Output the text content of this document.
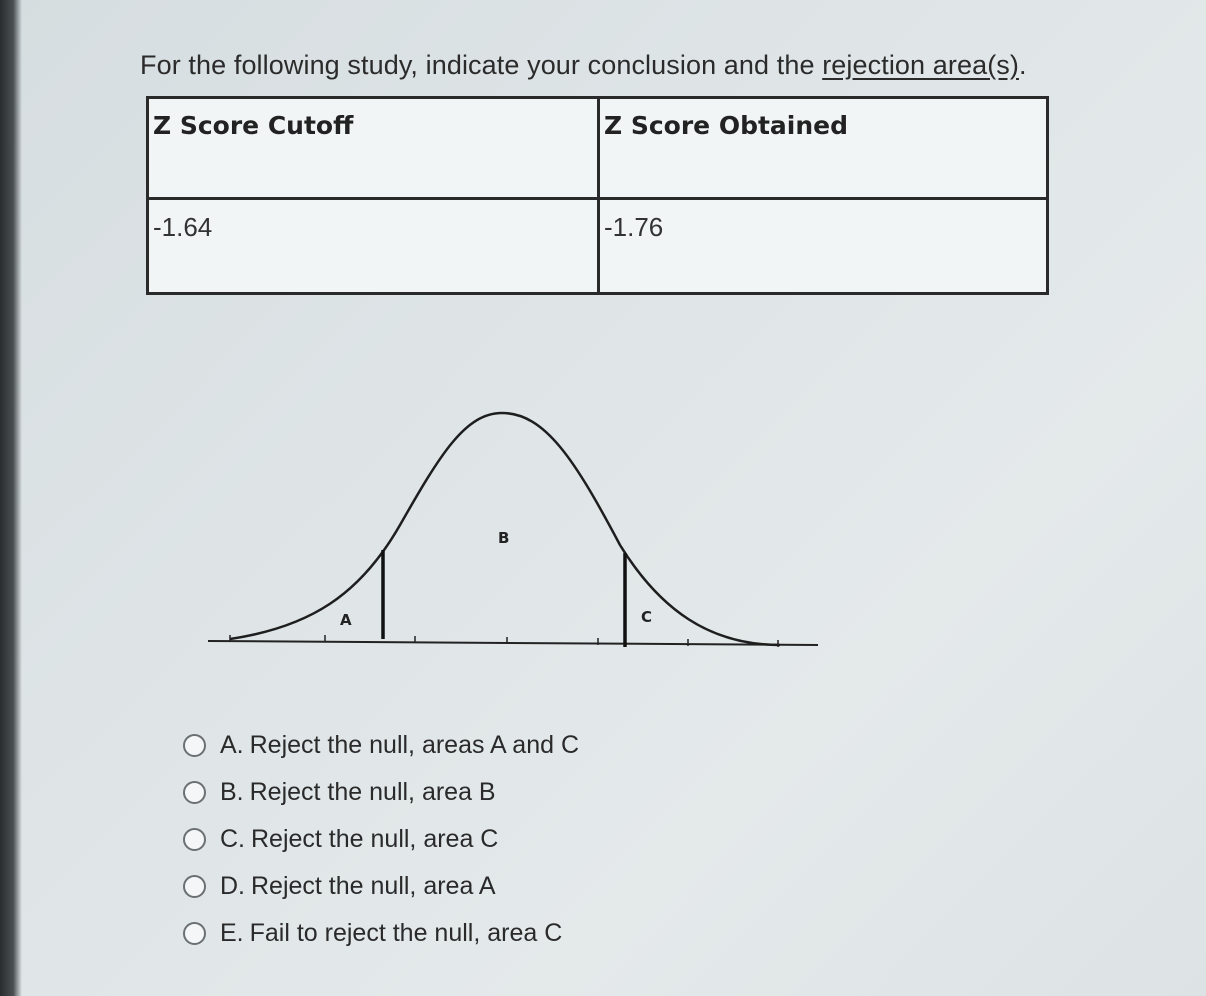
For the following study, indicate your conclusion and the rejection area(s).
Z Score Cutoff	Z Score Obtained
-1.64	-1.76
A
B
C
A. Reject the null, areas A and C
B. Reject the null, area B
C. Reject the null, area C
D. Reject the null, area A
E. Fail to reject the null, area C
